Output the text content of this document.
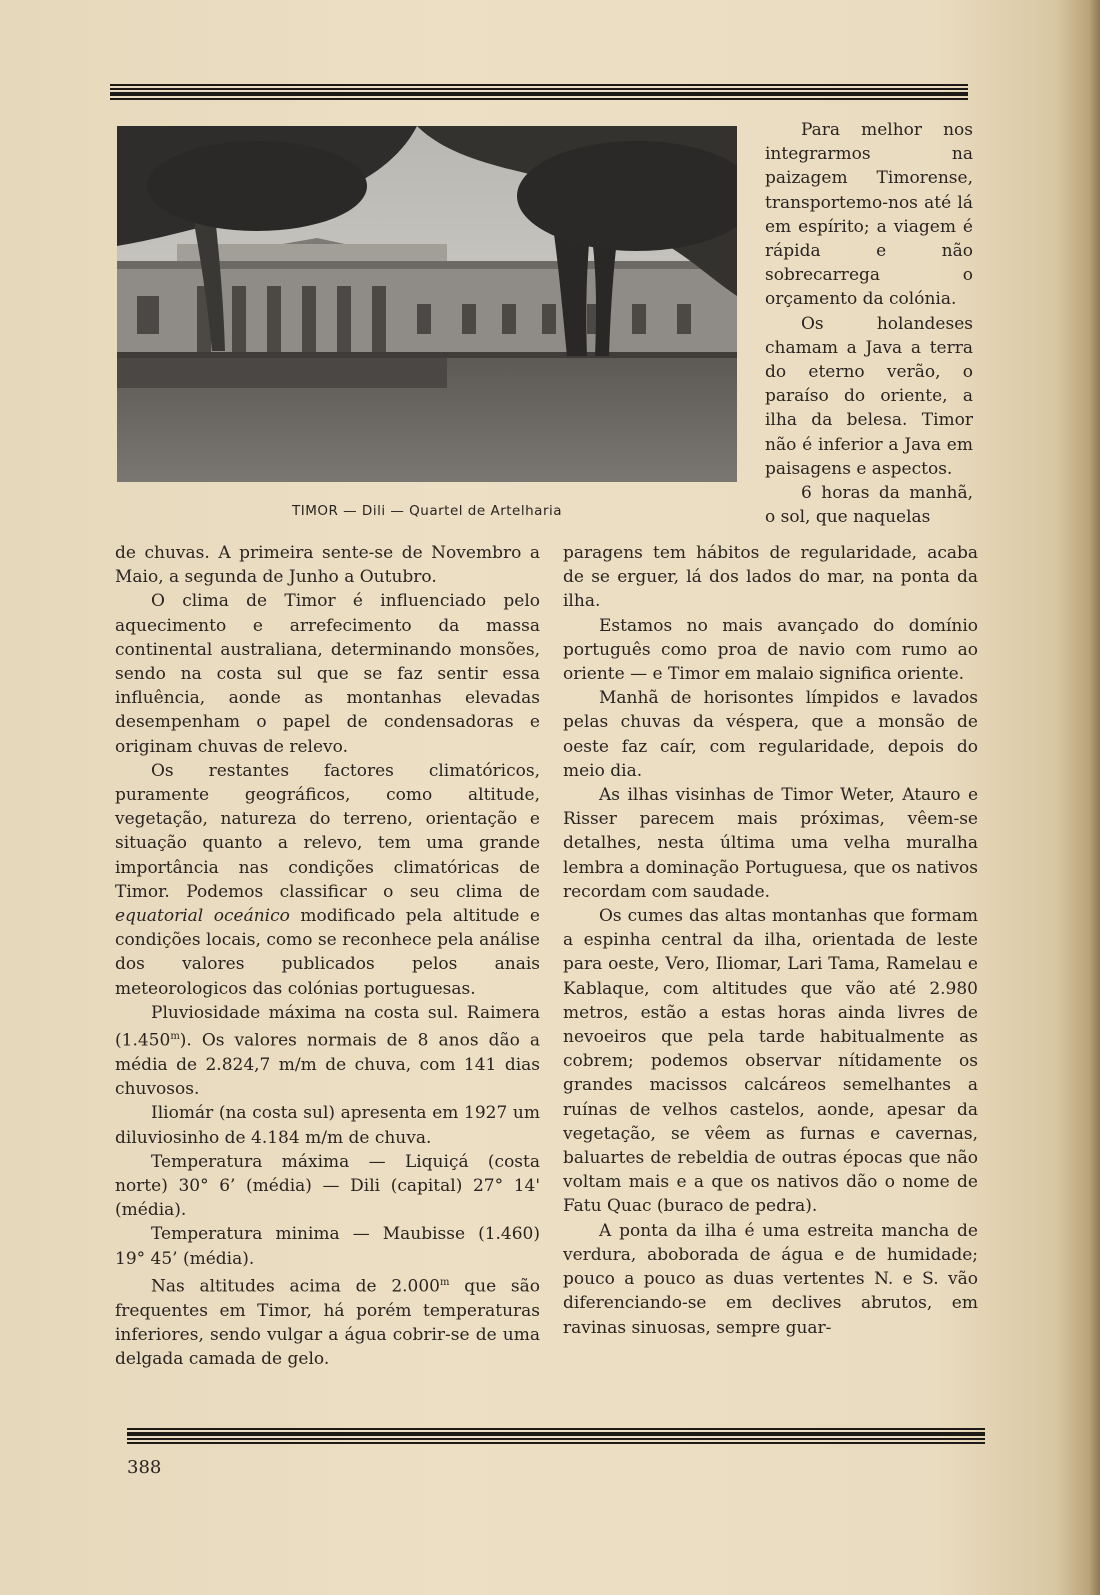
TIMOR — Dili — Quartel de Artelharia

Para melhor nos integrarmos na paizagem Timorense, transportemo-nos até lá em espírito; a viagem é rápida e não sobrecarrega o orçamento da colónia.

Os holandeses chamam a Java a terra do eterno verão, o paraíso do oriente, a ilha da belesa. Timor não é inferior a Java em paisagens e aspectos.

6 horas da manhã, o sol, que naquelas

de chuvas. A primeira sente-se de Novembro a Maio, a segunda de Junho a Outubro.

O clima de Timor é influenciado pelo aquecimento e arrefecimento da massa continental australiana, determinando monsões, sendo na costa sul que se faz sentir essa influência, aonde as montanhas elevadas desempenham o papel de condensadoras e originam chuvas de relevo.

Os restantes factores climatóricos, puramente geográficos, como altitude, vegetação, natureza do terreno, orientação e situação quanto a relevo, tem uma grande importância nas condições climatóricas de Timor. Podemos classificar o seu clima de equatorial oceánico modificado pela altitude e condições locais, como se reconhece pela análise dos valores publicados pelos anais meteorologicos das colónias portuguesas.

Pluviosidade máxima na costa sul. Raimera (1.450$^m$). Os valores normais de 8 anos dão a média de 2.824,7 m/m de chuva, com 141 dias chuvosos.

Iliomár (na costa sul) apresenta em 1927 um diluviosinho de 4.184 m/m de chuva.

Temperatura máxima — Liquiçá (costa norte) 30° 6’ (média) — Dili (capital) 27° 14' (média).

Temperatura minima — Maubisse (1.460) 19° 45’ (média).

Nas altitudes acima de 2.000$^m$ que são frequentes em Timor, há porém temperaturas inferiores, sendo vulgar a água cobrir-se de uma delgada camada de gelo.

paragens tem hábitos de regularidade, acaba de se erguer, lá dos lados do mar, na ponta da ilha.

Estamos no mais avançado do domínio português como proa de navio com rumo ao oriente — e Timor em malaio significa oriente.

Manhã de horisontes límpidos e lavados pelas chuvas da véspera, que a monsão de oeste faz caír, com regularidade, depois do meio dia.

As ilhas visinhas de Timor Weter, Atauro e Risser parecem mais próximas, vêem-se detalhes, nesta última uma velha muralha lembra a dominação Portuguesa, que os nativos recordam com saudade.

Os cumes das altas montanhas que formam a espinha central da ilha, orientada de leste para oeste, Vero, Iliomar, Lari Tama, Ramelau e Kablaque, com altitudes que vão até 2.980 metros, estão a estas horas ainda livres de nevoeiros que pela tarde habitualmente as cobrem; podemos observar nítidamente os grandes macissos calcáreos semelhantes a ruínas de velhos castelos, aonde, apesar da vegetação, se vêem as furnas e cavernas, baluartes de rebeldia de outras épocas que não voltam mais e a que os nativos dão o nome de Fatu Quac (buraco de pedra).

A ponta da ilha é uma estreita mancha de verdura, aboborada de água e de humidade; pouco a pouco as duas vertentes N. e S. vão diferenciando-se em declives abrutos, em ravinas sinuosas, sempre guar-

388
